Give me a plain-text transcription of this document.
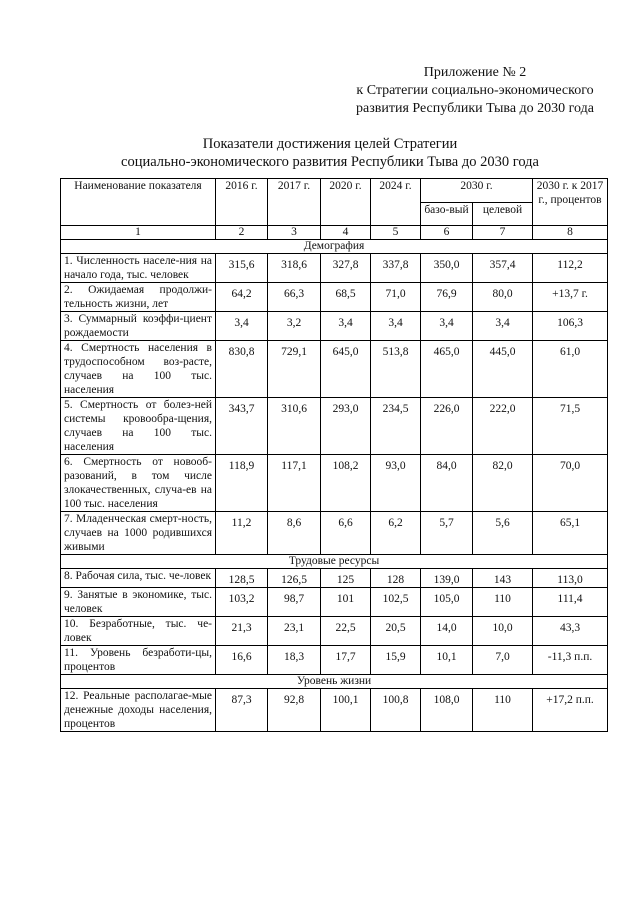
Приложение № 2
к Стратегии социально-экономического
развития Республики Тыва до 2030 года
Показатели достижения целей Стратегии
социально-экономического развития Республики Тыва до 2030 года
Наименование показателя	2016 г.	2017 г.	2020 г.	2024 г.	2030 г.		2030 г. к 2017 г., процентов
					базо-вый	целевой	
1	2	3	4	5	6	7	8
Демография							
1. Численность населе-ния на начало года, тыс. человек	315,6	318,6	327,8	337,8	350,0	357,4	112,2
2. Ожидаемая продолжи-тельность жизни, лет	64,2	66,3	68,5	71,0	76,9	80,0	+13,7 г.
3. Суммарный коэффи-циент рождаемости	3,4	3,2	3,4	3,4	3,4	3,4	106,3
4. Смертность населения в трудоспособном воз-расте, случаев на 100 тыс. населения	830,8	729,1	645,0	513,8	465,0	445,0	61,0
5. Смертность от болез-ней системы кровообра-щения, случаев на 100 тыс. населения	343,7	310,6	293,0	234,5	226,0	222,0	71,5
6. Смертность от новооб-разований, в том числе злокачественных, случа-ев на 100 тыс. населения	118,9	117,1	108,2	93,0	84,0	82,0	70,0
7. Младенческая смерт-ность, случаев на 1000 родившихся живыми	11,2	8,6	6,6	6,2	5,7	5,6	65,1
Трудовые ресурсы							
8. Рабочая сила, тыс. че-ловек	128,5	126,5	125	128	139,0	143	113,0
9. Занятые в экономике, тыс. человек	103,2	98,7	101	102,5	105,0	110	111,4
10. Безработные, тыс. че-ловек	21,3	23,1	22,5	20,5	14,0	10,0	43,3
11. Уровень безработи-цы, процентов	16,6	18,3	17,7	15,9	10,1	7,0	-11,3 п.п.
Уровень жизни							
12. Реальные располагае-мые денежные доходы населения, процентов	87,3	92,8	100,1	100,8	108,0	110	+17,2 п.п.
